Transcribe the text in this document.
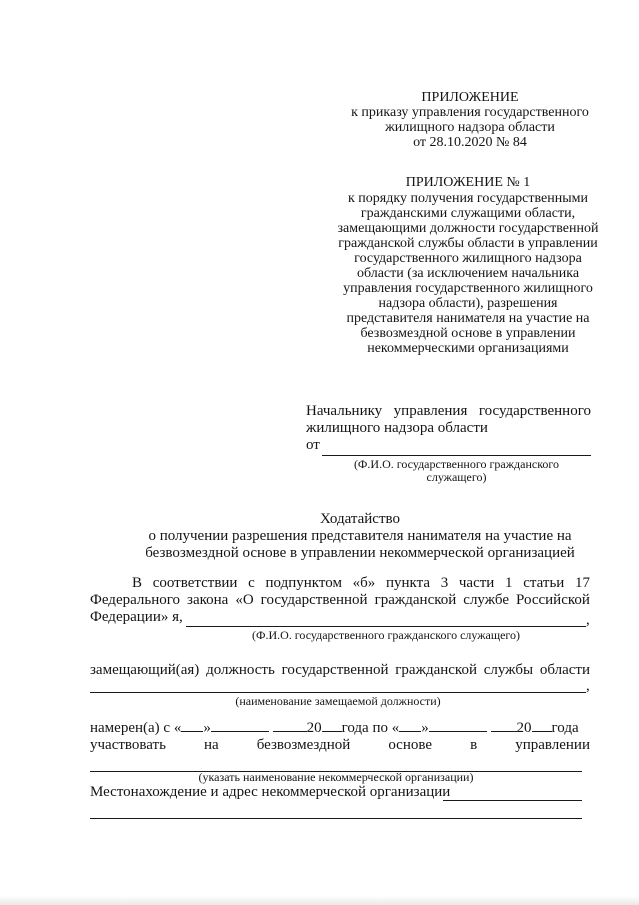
ПРИЛОЖЕНИЕ
к приказу управления государственного
жилищного надзора области
от 28.10.2020 № 84
ПРИЛОЖЕНИЕ № 1
к порядку получения государственными
гражданскими служащими области,
замещающими должности государственной
гражданской службы области в управлении
государственного жилищного надзора
области (за исключением начальника
управления государственного жилищного
надзора области), разрешения
представителя нанимателя на участие на
безвозмездной основе в управлении
некоммерческими организациями
Начальнику управления государственного
жилищного надзора области
от
(Ф.И.О. государственного гражданского
служащего)
Ходатайство
о получении разрешения представителя нанимателя на участие на
безвозмездной основе в управлении некоммерческой организацией
В соответствии с подпунктом «б» пункта 3 части 1 статьи 17
Федерального закона «О государственной гражданской службе Российской
Федерации» я,	,
(Ф.И.О. государственного гражданского служащего)
замещающий(ая) должность государственной гражданской службы области
,
(наименование замещаемой должности)
намерен(а) с « »	20 года по « »	20 года
участвовать	на	безвозмездной	основе	в	управлении
(указать наименование некоммерческой организации)
Местонахождение и адрес некоммерческой организации
